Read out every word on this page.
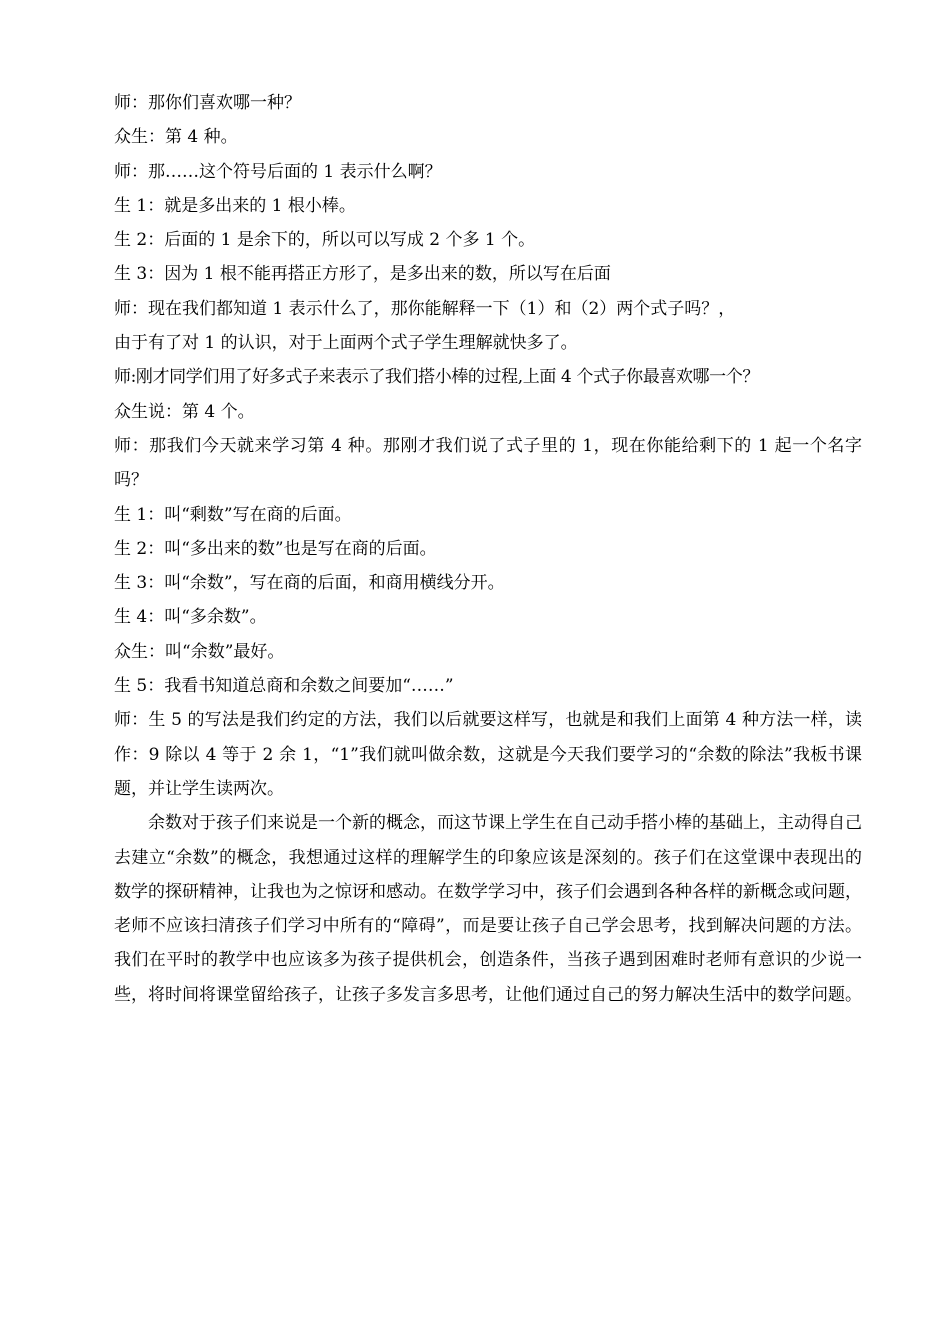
师：那你们喜欢哪一种？
众生：第 4 种。
师：那……这个符号后面的 1 表示什么啊？
生 1：就是多出来的 1 根小棒。
生 2：后面的 1 是余下的，所以可以写成 2 个多 1 个。
生 3：因为 1 根不能再搭正方形了，是多出来的数，所以写在后面
师：现在我们都知道 1 表示什么了，那你能解释一下（1）和（2）两个式子吗？，
由于有了对 1 的认识，对于上面两个式子学生理解就快多了。
师:刚才同学们用了好多式子来表示了我们搭小棒的过程,上面 4 个式子你最喜欢哪一个？
众生说：第 4 个。

师：那我们今天就来学习第 4 种。那刚才我们说了式子里的 1，现在你能给剩下的 1 起一个名字吗？

生 1：叫“剩数”写在商的后面。
生 2：叫“多出来的数”也是写在商的后面。
生 3：叫“余数”，写在商的后面，和商用横线分开。
生 4：叫“多余数”。
众生：叫“余数”最好。
生 5：我看书知道总商和余数之间要加“……”

师：生 5 的写法是我们约定的方法，我们以后就要这样写，也就是和我们上面第 4 种方法一样，读作：9 除以 4 等于 2 余 1，“1”我们就叫做余数，这就是今天我们要学习的“余数的除法”我板书课题，并让学生读两次。

余数对于孩子们来说是一个新的概念，而这节课上学生在自己动手搭小棒的基础上，主动得自己去建立“余数”的概念，我想通过这样的理解学生的印象应该是深刻的。孩子们在这堂课中表现出的数学的探研精神，让我也为之惊讶和感动。在数学学习中，孩子们会遇到各种各样的新概念或问题，老师不应该扫清孩子们学习中所有的“障碍”，而是要让孩子自己学会思考，找到解决问题的方法。我们在平时的教学中也应该多为孩子提供机会，创造条件，当孩子遇到困难时老师有意识的少说一些，将时间将课堂留给孩子，让孩子多发言多思考，让他们通过自己的努力解决生活中的数学问题。
